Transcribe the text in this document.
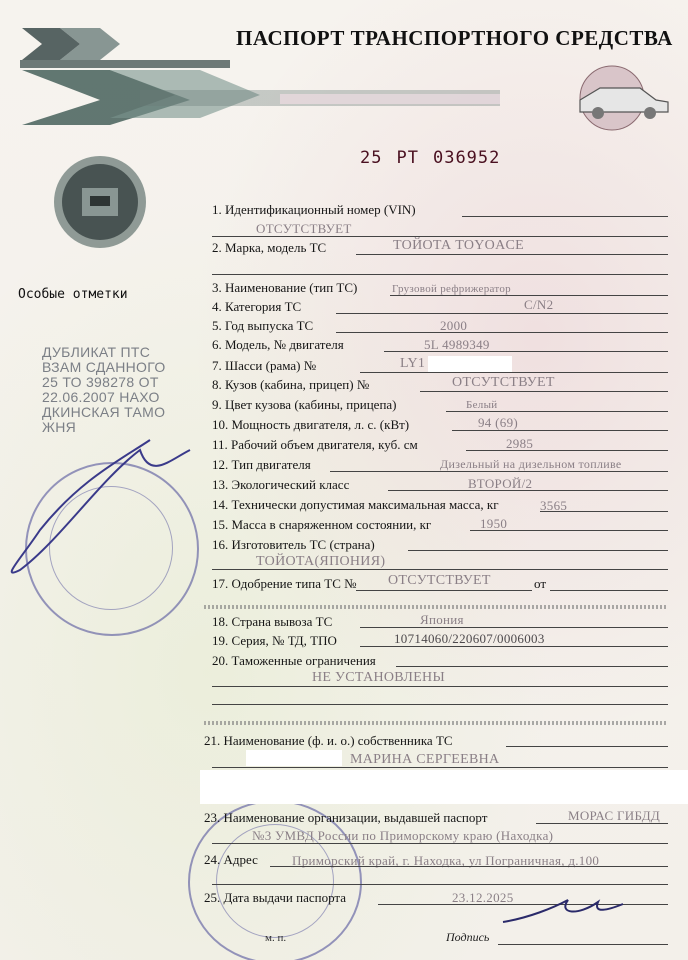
ПАСПОРТ ТРАНСПОРТНОГО СРЕДСТВА
25 РТ 036952
Особые отметки
ДУБЛИКАТ ПТС
ВЗАМ СДАННОГО
25 ТО 398278 ОТ
22.06.2007 НАХО
ДКИНСКАЯ ТАМО
ЖНЯ
1. Идентификационный номер (VIN)
ОТСУТСТВУЕТ
2. Марка, модель ТС	ТОЙОТА TOYOACE
3. Наименование (тип ТС)	Грузовой рефрижератор
4. Категория ТС	C/N2
5. Год выпуска ТС	2000
6. Модель, № двигателя	5L 4989349
7. Шасси (рама) №	LY1
8. Кузов (кабина, прицеп) №	ОТСУТСТВУЕТ
9. Цвет кузова (кабины, прицепа)	Белый
10. Мощность двигателя, л. с. (кВт)	94 (69)
11. Рабочий объем двигателя, куб. см	2985
12. Тип двигателя	Дизельный на дизельном топливе
13. Экологический класс	ВТОРОЙ/2
14. Технически допустимая максимальная масса, кг	3565
15. Масса в снаряженном состоянии, кг	1950
16. Изготовитель ТС (страна)
ТОЙОТА(ЯПОНИЯ)
17. Одобрение типа ТС № ОТСУТСТВУЕТ	от
18. Страна вывоза ТС	Япония
19. Серия, № ТД, ТПО	10714060/220607/0006003
20. Таможенные ограничения
НЕ УСТАНОВЛЕНЫ
21. Наименование (ф. и. о.) собственника ТС
МАРИНА СЕРГЕЕВНА
23. Наименование организации, выдавшей паспорт	МОРАС ГИБДД
№3 УМВД России по Приморскому краю (Находка)
24. Адрес	Приморский край, г. Находка, ул Пограничная, д.100
25. Дата выдачи паспорта	23.12.2025
м. п.	Подпись
